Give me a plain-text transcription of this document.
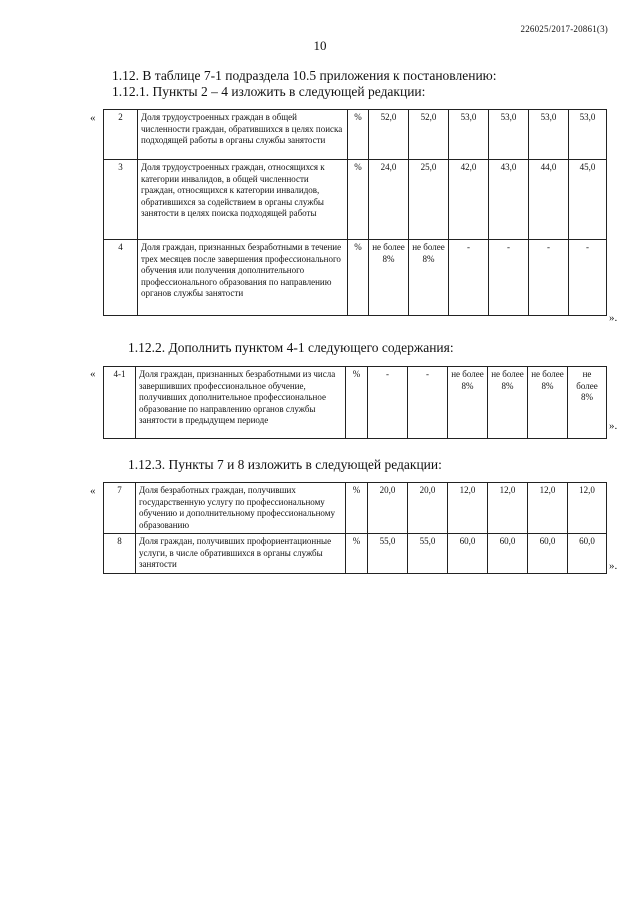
226025/2017-20861(3)
10
1.12. В таблице 7-1 подраздела 10.5 приложения к постановлению:
1.12.1. Пункты 2 – 4 изложить в следующей редакции:
«	2	Доля трудоустроенных граждан в общей численности граждан, обратившихся в целях поиска подходящей работы в органы службы занятости	%	52,0	52,0	53,0	53,0	53,0	53,0
3	Доля трудоустроенных граждан, относящихся к категории инвалидов, в общей численности граждан, относящихся к категории инвалидов, обратившихся за содействием в органы службы занятости в целях поиска подходящей работы	%	24,0	25,0	42,0	43,0	44,0	45,0
4	Доля граждан, признанных безработными в течение трех месяцев после завершения профессионального обучения или получения дополнительного профессионального образования по направлению органов службы занятости	%	не более 8%	не более 8%	-	-	-	-
».
1.12.2. Дополнить пунктом 4-1 следующего содержания:
« 4-1	Доля граждан, признанных безработными из числа завершивших профессиональное обучение, получивших дополнительное профессиональное образование по направлению органов службы занятости в предыдущем периоде	%	-	-	не более 8%	не более 8%	не более 8%	не более 8%
».
1.12.3. Пункты 7 и 8 изложить в следующей редакции:
« 7	Доля безработных граждан, получивших государственную услугу по профессиональному обучению и дополнительному профессиональному образованию	%	20,0	20,0	12,0	12,0	12,0	12,0
8	Доля граждан, получивших профориентационные услуги, в числе обратившихся в органы службы занятости	%	55,0	55,0	60,0	60,0	60,0	60,0
».
